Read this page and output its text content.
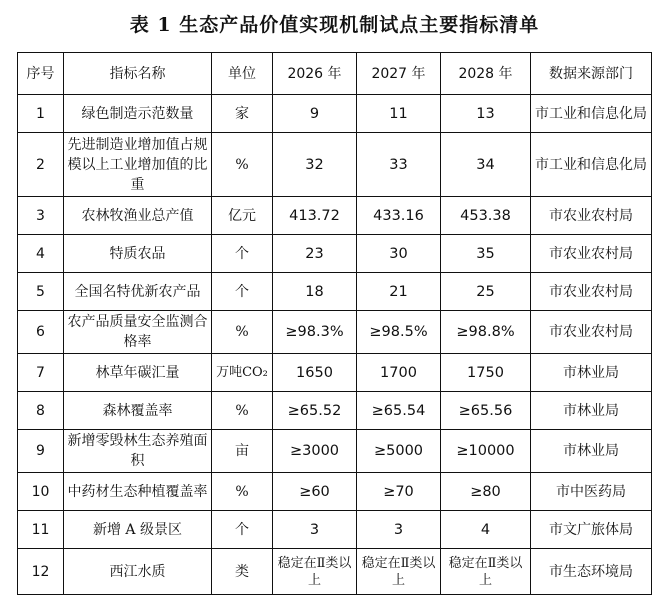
表 1 生态产品价值实现机制试点主要指标清单
序号	指标名称	单位	2026 年	2027 年	2028 年	数据来源部门
1	绿色制造示范数量	家	9	11	13	市工业和信息化局
2	先进制造业增加值占规模以上工业增加值的比重	%	32	33	34	市工业和信息化局
3	农林牧渔业总产值	亿元	413.72	433.16	453.38	市农业农村局
4	特质农品	个	23	30	35	市农业农村局
5	全国名特优新农产品	个	18	21	25	市农业农村局
6	农产品质量安全监测合格率	%	≥98.3%	≥98.5%	≥98.8%	市农业农村局
7	林草年碳汇量	万吨CO₂	1650	1700	1750	市林业局
8	森林覆盖率	%	≥65.52	≥65.54	≥65.56	市林业局
9	新增零毁林生态养殖面积	亩	≥3000	≥5000	≥10000	市林业局
10	中药材生态种植覆盖率	%	≥60	≥70	≥80	市中医药局
11	新增 A 级景区	个	3	3	4	市文广旅体局
12	西江水质	类	稳定在Ⅱ类以上	稳定在Ⅱ类以上	稳定在Ⅱ类以上	市生态环境局
